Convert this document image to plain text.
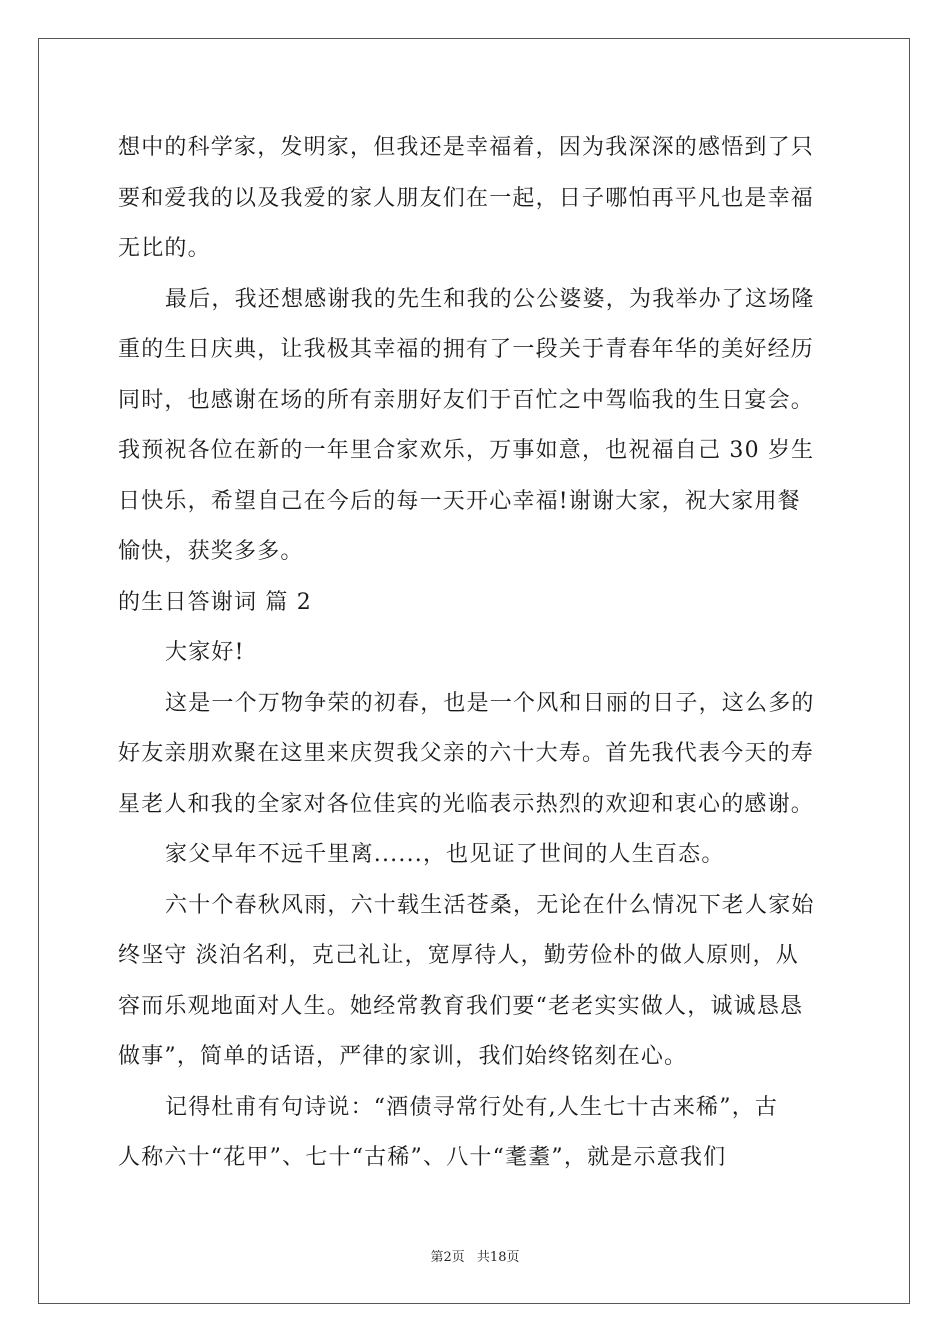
想中的科学家，发明家，但我还是幸福着，因为我深深的感悟到了只
要和爱我的以及我爱的家人朋友们在一起，日子哪怕再平凡也是幸福
无比的。
最后，我还想感谢我的先生和我的公公婆婆，为我举办了这场隆
重的生日庆典，让我极其幸福的拥有了一段关于青春年华的美好经历
同时，也感谢在场的所有亲朋好友们于百忙之中驾临我的生日宴会。
我预祝各位在新的一年里合家欢乐，万事如意，也祝福自己 30 岁生
日快乐，希望自己在今后的每一天开心幸福!谢谢大家，祝大家用餐
愉快，获奖多多。
的生日答谢词 篇 2
大家好!
这是一个万物争荣的初春，也是一个风和日丽的日子，这么多的
好友亲朋欢聚在这里来庆贺我父亲的六十大寿。首先我代表今天的寿
星老人和我的全家对各位佳宾的光临表示热烈的欢迎和衷心的感谢。
家父早年不远千里离......，也见证了世间的人生百态。
六十个春秋风雨，六十载生活苍桑，无论在什么情况下老人家始
终坚守 淡泊名利，克己礼让，宽厚待人，勤劳俭朴的做人原则，从
容而乐观地面对人生。她经常教育我们要“老老实实做人，诚诚恳恳
做事”，简单的话语，严律的家训，我们始终铭刻在心。
记得杜甫有句诗说：“酒债寻常行处有,人生七十古来稀”，古
人称六十“花甲”、七十“古稀”、八十“耄耋”，就是示意我们
第2页 共18页
